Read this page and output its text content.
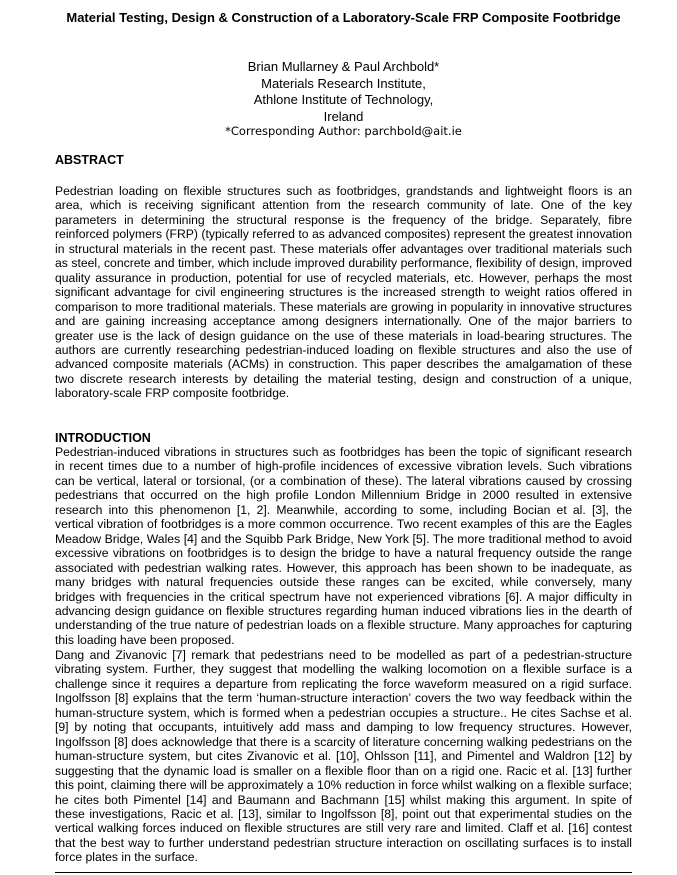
Material Testing, Design & Construction of a Laboratory-Scale FRP Composite Footbridge
Brian Mullarney & Paul Archbold*
Materials Research Institute,
Athlone Institute of Technology,
Ireland
*Corresponding Author: parchbold@ait.ie
ABSTRACT

Pedestrian loading on flexible structures such as footbridges, grandstands and lightweight floors is an area, which is receiving significant attention from the research community of late. One of the key parameters in determining the structural response is the frequency of the bridge. Separately, fibre reinforced polymers (FRP) (typically referred to as advanced composites) represent the greatest innovation in structural materials in the recent past. These materials offer advantages over traditional materials such as steel, concrete and timber, which include improved durability performance, flexibility of design, improved quality assurance in production, potential for use of recycled materials, etc. However, perhaps the most significant advantage for civil engineering structures is the increased strength to weight ratios offered in comparison to more traditional materials. These materials are growing in popularity in innovative structures and are gaining increasing acceptance among designers internationally. One of the major barriers to greater use is the lack of design guidance on the use of these materials in load-bearing structures. The authors are currently researching pedestrian-induced loading on flexible structures and also the use of advanced composite materials (ACMs) in construction. This paper describes the amalgamation of these two discrete research interests by detailing the material testing, design and construction of a unique, laboratory-scale FRP composite footbridge.

INTRODUCTION

Pedestrian-induced vibrations in structures such as footbridges has been the topic of significant research in recent times due to a number of high-profile incidences of excessive vibration levels. Such vibrations can be vertical, lateral or torsional, (or a combination of these). The lateral vibrations caused by crossing pedestrians that occurred on the high profile London Millennium Bridge in 2000 resulted in extensive research into this phenomenon [1, 2]. Meanwhile, according to some, including Bocian et al. [3], the vertical vibration of footbridges is a more common occurrence. Two recent examples of this are the Eagles Meadow Bridge, Wales [4] and the Squibb Park Bridge, New York [5]. The more traditional method to avoid excessive vibrations on footbridges is to design the bridge to have a natural frequency outside the range associated with pedestrian walking rates. However, this approach has been shown to be inadequate, as many bridges with natural frequencies outside these ranges can be excited, while conversely, many bridges with frequencies in the critical spectrum have not experienced vibrations [6]. A major difficulty in advancing design guidance on flexible structures regarding human induced vibrations lies in the dearth of understanding of the true nature of pedestrian loads on a flexible structure. Many approaches for capturing this loading have been proposed.

Dang and Zivanovic [7] remark that pedestrians need to be modelled as part of a pedestrian-structure vibrating system. Further, they suggest that modelling the walking locomotion on a flexible surface is a challenge since it requires a departure from replicating the force waveform measured on a rigid surface. Ingolfsson [8] explains that the term ‘human-structure interaction’ covers the two way feedback within the human-structure system, which is formed when a pedestrian occupies a structure.. He cites Sachse et al. [9] by noting that occupants, intuitively add mass and damping to low frequency structures. However, Ingolfsson [8] does acknowledge that there is a scarcity of literature concerning walking pedestrians on the human-structure system, but cites Zivanovic et al. [10], Ohlsson [11], and Pimentel and Waldron [12] by suggesting that the dynamic load is smaller on a flexible floor than on a rigid one. Racic et al. [13] further this point, claiming there will be approximately a 10% reduction in force whilst walking on a flexible surface; he cites both Pimentel [14] and Baumann and Bachmann [15] whilst making this argument. In spite of these investigations, Racic et al. [13], similar to Ingolfsson [8], point out that experimental studies on the vertical walking forces induced on flexible structures are still very rare and limited. Claff et al. [16] contest that the best way to further understand pedestrian structure interaction on oscillating surfaces is to install force plates in the surface.
